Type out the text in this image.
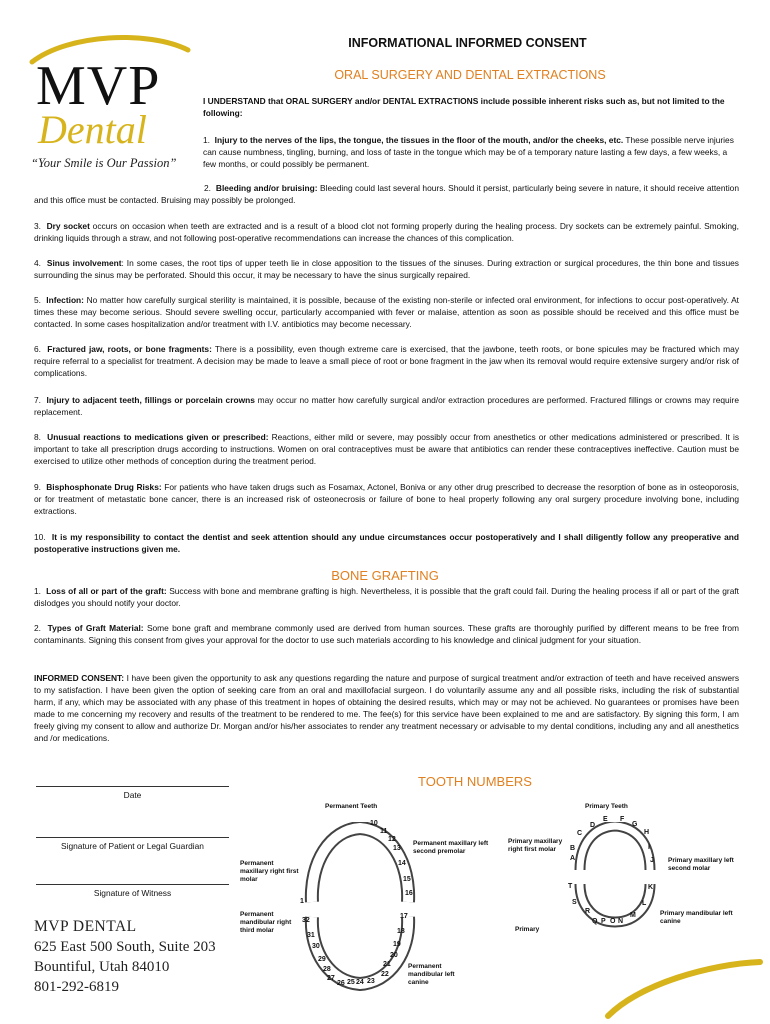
MVP
Dental
“Your Smile is Our Passion”
INFORMATIONAL INFORMED CONSENT
ORAL SURGERY AND DENTAL EXTRACTIONS
I UNDERSTAND that ORAL SURGERY and/or DENTAL EXTRACTIONS include possible inherent risks such as, but not limited to the following:
1. Injury to the nerves of the lips, the tongue, the tissues in the floor of the mouth, and/or the cheeks, etc. These possible nerve injuries can cause numbness, tingling, burning, and loss of taste in the tongue which may be of a temporary nature lasting a few days, a few weeks, a few months, or could possibly be permanent.
2. Bleeding and/or bruising: Bleeding could last several hours. Should it persist, particularly being severe in nature, it should receive attention and this office must be contacted. Bruising may possibly be prolonged.
3. Dry socket occurs on occasion when teeth are extracted and is a result of a blood clot not forming properly during the healing process. Dry sockets can be extremely painful. Smoking, drinking liquids through a straw, and not following post-operative recommendations can increase the chances of this complication.
4. Sinus involvement: In some cases, the root tips of upper teeth lie in close apposition to the tissues of the sinuses. During extraction or surgical procedures, the thin bone and tissues surrounding the sinus may be perforated. Should this occur, it may be necessary to have the sinus surgically repaired.
5. Infection: No matter how carefully surgical sterility is maintained, it is possible, because of the existing non-sterile or infected oral environment, for infections to occur post-operatively. At times these may become serious. Should severe swelling occur, particularly accompanied with fever or malaise, attention as soon as possible should be received and this office must be contacted. In some cases hospitalization and/or treatment with I.V. antibiotics may become necessary.
6. Fractured jaw, roots, or bone fragments: There is a possibility, even though extreme care is exercised, that the jawbone, teeth roots, or bone spicules may be fractured which may require referral to a specialist for treatment. A decision may be made to leave a small piece of root or bone fragment in the jaw when its removal would require extensive surgery and/or risk of complications.
7. Injury to adjacent teeth, fillings or porcelain crowns may occur no matter how carefully surgical and/or extraction procedures are performed. Fractured fillings or crowns may require replacement.
8. Unusual reactions to medications given or prescribed: Reactions, either mild or severe, may possibly occur from anesthetics or other medications administered or prescribed. It is important to take all prescription drugs according to instructions. Women on oral contraceptives must be aware that antibiotics can render these contraceptives ineffective. Caution must be exercised to utilize other methods of conception during the treatment period.
9. Bisphosphonate Drug Risks: For patients who have taken drugs such as Fosamax, Actonel, Boniva or any other drug prescribed to decrease the resorption of bone as in osteoporosis, or for treatment of metastatic bone cancer, there is an increased risk of osteonecrosis or failure of bone to heal properly following any oral surgery procedure involving bone, including extractions.
10. It is my responsibility to contact the dentist and seek attention should any undue circumstances occur postoperatively and I shall diligently follow any preoperative and postoperative instructions given me.
BONE GRAFTING
1. Loss of all or part of the graft: Success with bone and membrane grafting is high. Nevertheless, it is possible that the graft could fail. During the healing process if all or part of the graft dislodges you should notify your doctor.
2. Types of Graft Material: Some bone graft and membrane commonly used are derived from human sources. These grafts are thoroughly purified by different means to be free from contaminants. Signing this consent from gives your approval for the doctor to use such materials according to his knowledge and clinical judgment for your situation.
INFORMED CONSENT: I have been given the opportunity to ask any questions regarding the nature and purpose of surgical treatment and/or extraction of teeth and have received answers to my satisfaction. I have been given the option of seeking care from an oral and maxillofacial surgeon. I do voluntarily assume any and all possible risks, including the risk of substantial harm, if any, which may be associated with any phase of this treatment in hopes of obtaining the desired results, which may or may not be achieved. No guarantees or promises have been made to me concerning my recovery and results of the treatment to be rendered to me. The fee(s) for this service have been explained to me and are satisfactory. By signing this form, I am freely giving my consent to allow and authorize Dr. Morgan and/or his/her associates to render any treatment necessary or advisable to my dental conditions, including any and all anesthetics and /or medications.
Date
Signature of Patient or Legal Guardian
Signature of Witness
MVP DENTAL
625 East 500 South, Suite 203
Bountiful, Utah 84010
801-292-6819
TOOTH NUMBERS
Permanent Teeth	Primary Teeth
1
10
11
12
13
14
15
16
17
18
19
20
21
22
23
24
25
26
27
28
29
30
31
32
Permanent maxillary left second premolar
Permanent maxillary right first molar
Permanent mandibular right third molar
Permanent mandibular left canine
A
B
C
D
E F
G
H
I
J
K
L
M
N
O
P
Q
R
S
T
Primary maxillary right first molar
Primary maxillary left second molar
Primary mandibular left canine
Primary
